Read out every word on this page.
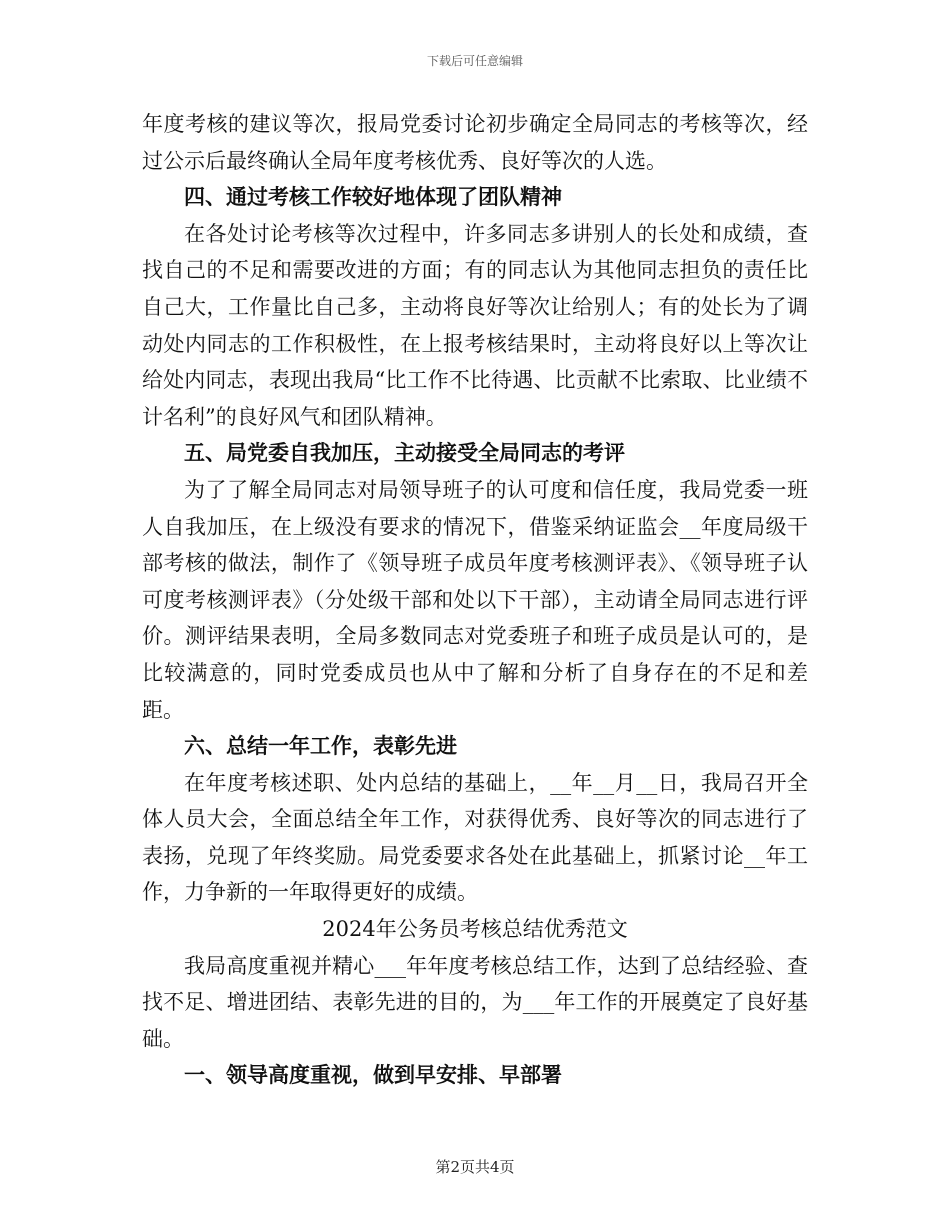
下载后可任意编辑

年度考核的建议等次，报局党委讨论初步确定全局同志的考核等次，经过公示后最终确认全局年度考核优秀、良好等次的人选。

四、通过考核工作较好地体现了团队精神

在各处讨论考核等次过程中，许多同志多讲别人的长处和成绩，查找自己的不足和需要改进的方面；有的同志认为其他同志担负的责任比自己大，工作量比自己多，主动将良好等次让给别人；有的处长为了调动处内同志的工作积极性，在上报考核结果时，主动将良好以上等次让给处内同志，表现出我局“比工作不比待遇、比贡献不比索取、比业绩不计名利”的良好风气和团队精神。

五、局党委自我加压，主动接受全局同志的考评

为了了解全局同志对局领导班子的认可度和信任度，我局党委一班人自我加压，在上级没有要求的情况下，借鉴采纳证监会__年度局级干部考核的做法，制作了《领导班子成员年度考核测评表》、《领导班子认可度考核测评表》（分处级干部和处以下干部），主动请全局同志进行评价。测评结果表明，全局多数同志对党委班子和班子成员是认可的，是比较满意的，同时党委成员也从中了解和分析了自身存在的不足和差距。

六、总结一年工作，表彰先进

在年度考核述职、处内总结的基础上，__年__月__日，我局召开全体人员大会，全面总结全年工作，对获得优秀、良好等次的同志进行了表扬，兑现了年终奖励。局党委要求各处在此基础上，抓紧讨论__年工作，力争新的一年取得更好的成绩。

2024年公务员考核总结优秀范文

我局高度重视并精心___年年度考核总结工作，达到了总结经验、查找不足、增进团结、表彰先进的目的，为___年工作的开展奠定了良好基础。

一、领导高度重视，做到早安排、早部署

第2页共4页
